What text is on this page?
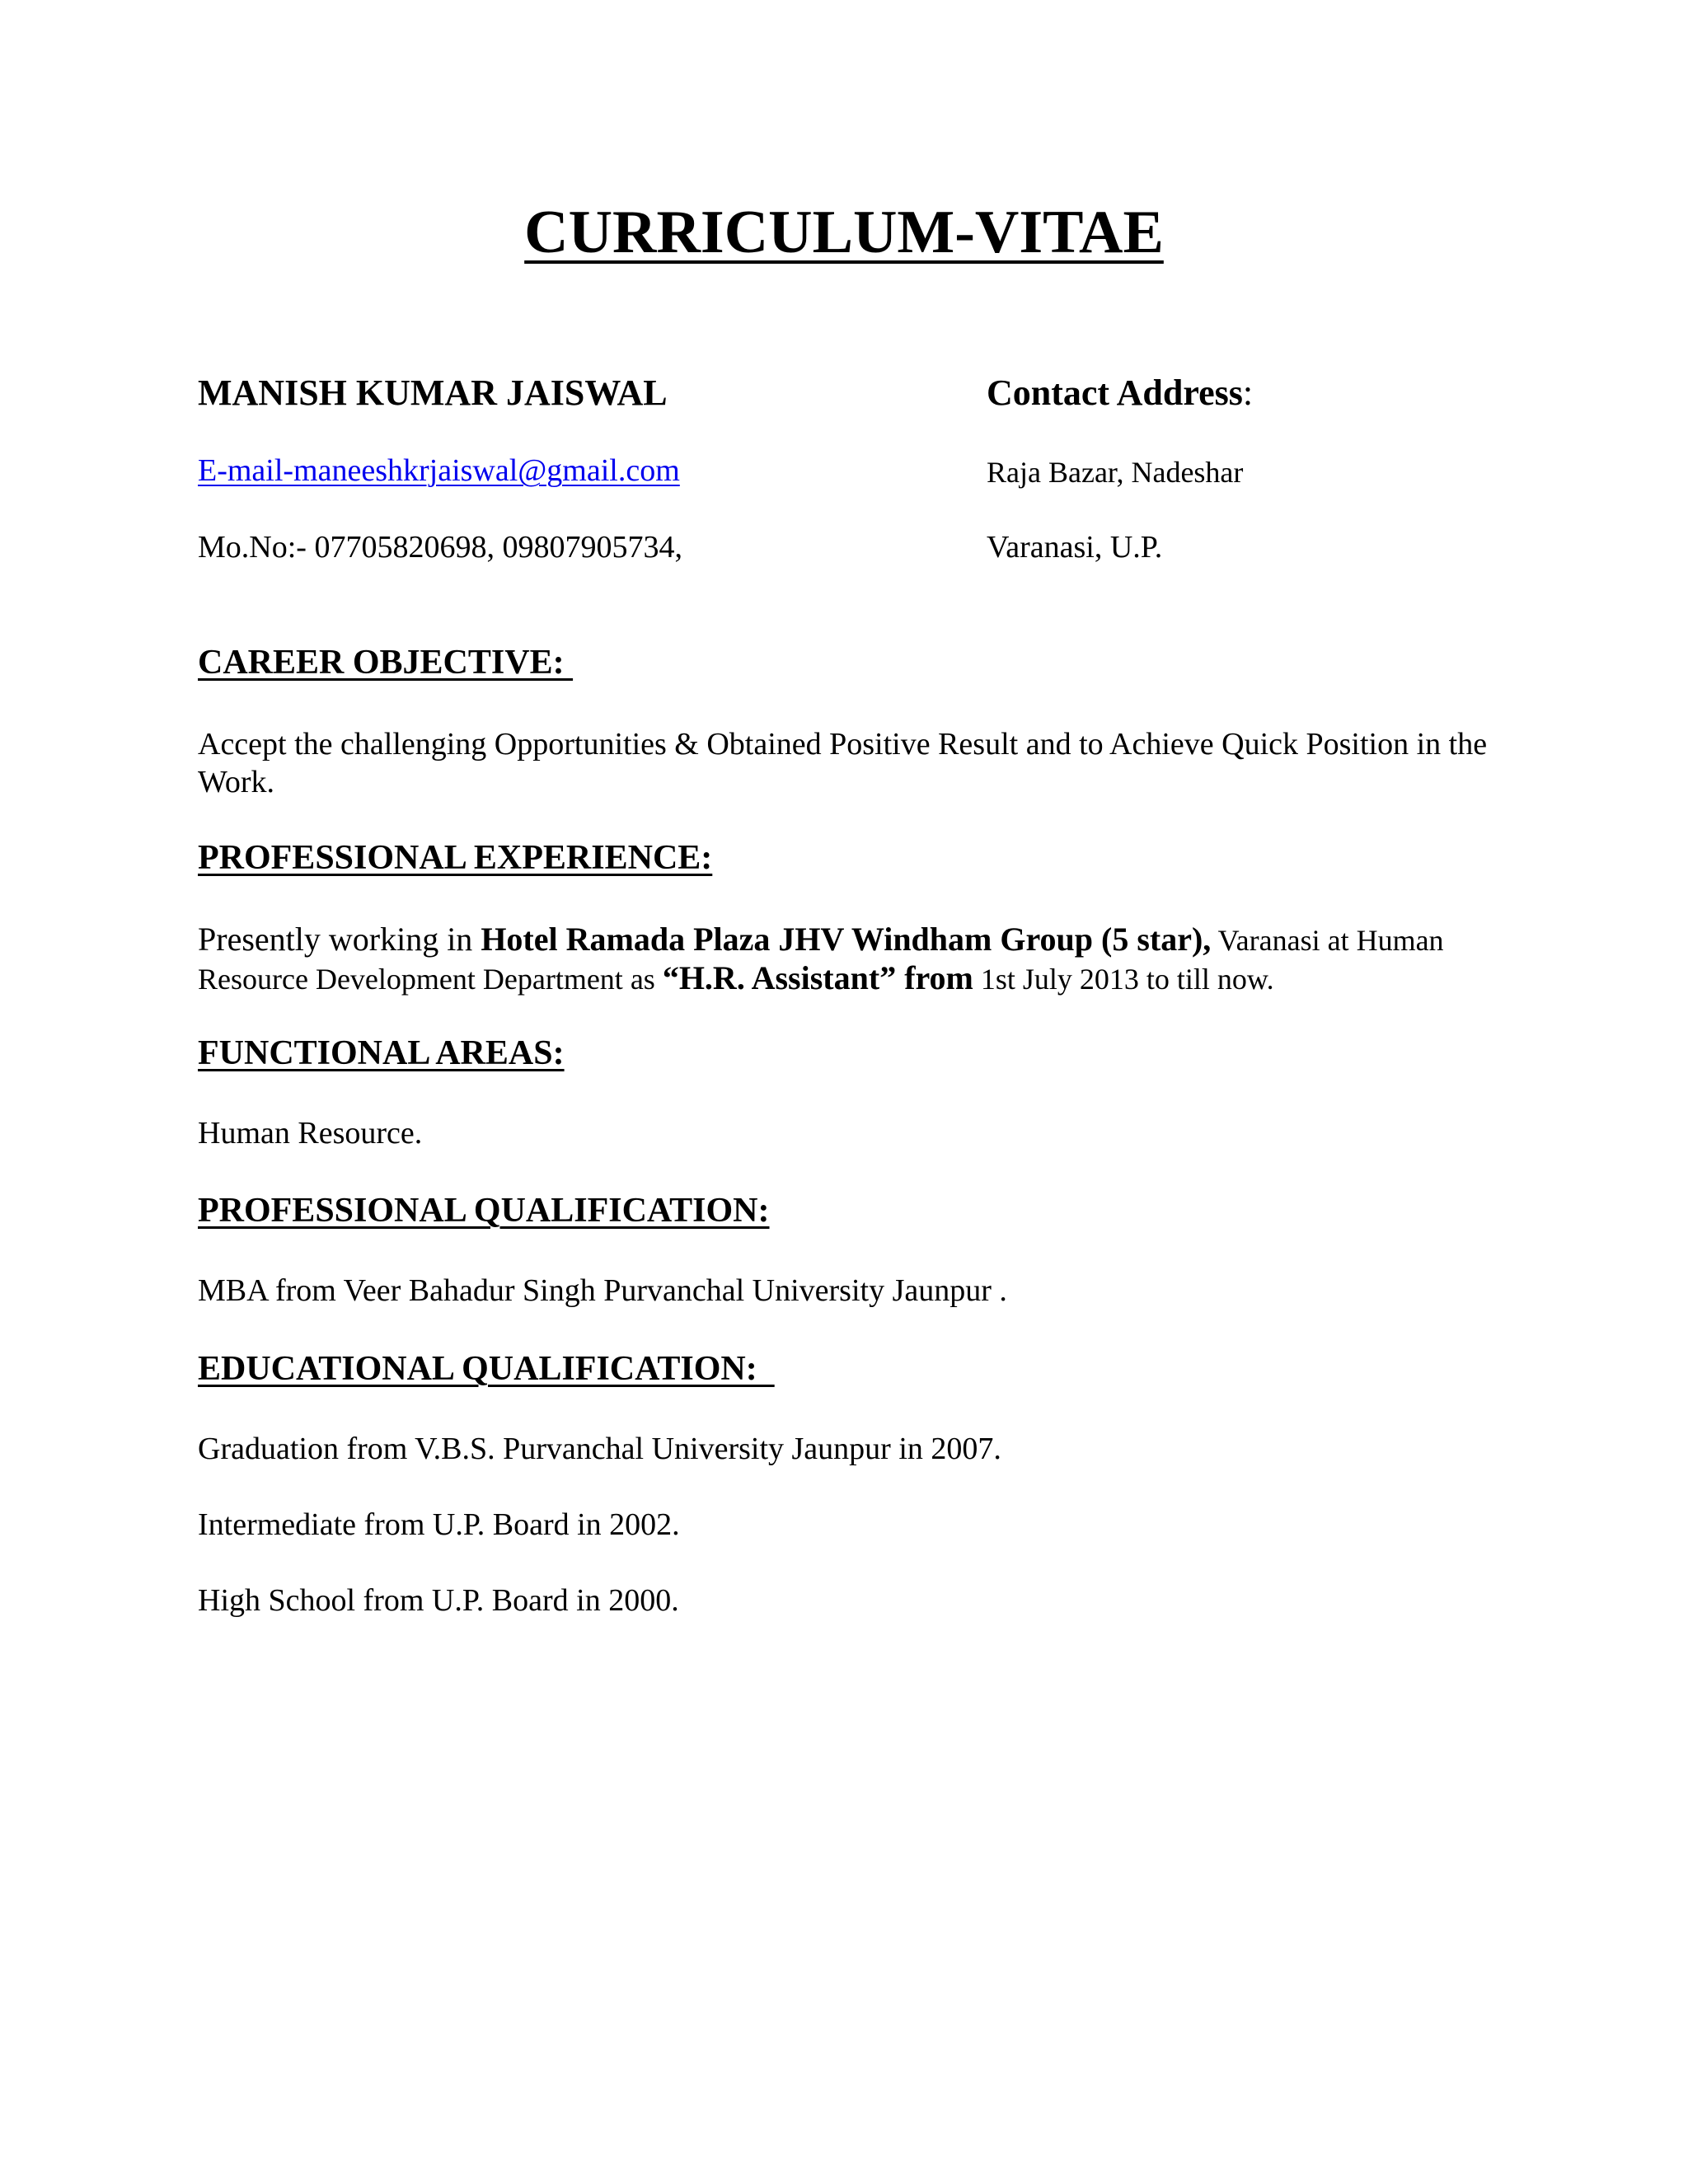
CURRICULUM-VITAE
MANISH KUMAR JAISWAL	Contact Address:
E-mail-maneeshkrjaiswal@gmail.com	Raja Bazar, Nadeshar
Mo.No:- 07705820698, 09807905734,	Varanasi, U.P.
CAREER OBJECTIVE:
Accept the challenging Opportunities & Obtained Positive Result and to Achieve Quick Position in the Work.
PROFESSIONAL EXPERIENCE:
Presently working in Hotel Ramada Plaza JHV Windham Group (5 star), Varanasi at Human Resource Development Department as “H.R. Assistant” from 1st July 2013 to till now.
FUNCTIONAL AREAS:
Human Resource.
PROFESSIONAL QUALIFICATION:
MBA from Veer Bahadur Singh Purvanchal University Jaunpur .
EDUCATIONAL QUALIFICATION:
Graduation from V.B.S. Purvanchal University Jaunpur in 2007.
Intermediate from U.P. Board in 2002.
High School from U.P. Board in 2000.
